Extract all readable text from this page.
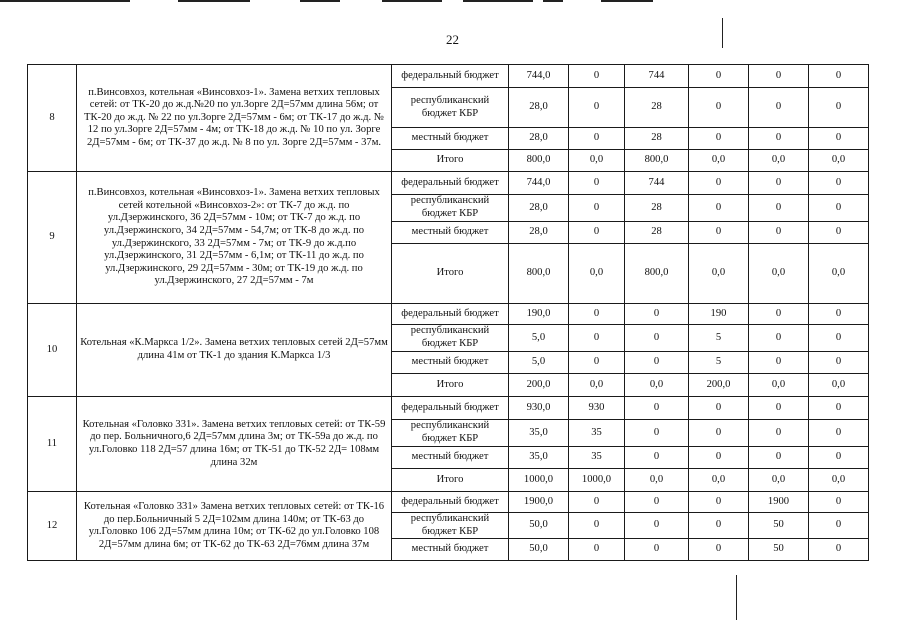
22
8	п.Винсовхоз, котельная «Винсовхоз-1». Замена ветхих тепловых сетей: от ТК-20 до ж.д.№20 по ул.Зорге 2Д=57мм длина 56м; от ТК-20 до ж.д. № 22 по ул.Зорге 2Д=57мм - 6м; от ТК-17 до ж.д. № 12 по ул.Зорге 2Д=57мм - 4м; от ТК-18 до ж.д. № 10 по ул. Зорге 2Д=57мм - 6м; от ТК-37 до ж.д. № 8 по ул. Зорге 2Д=57мм - 37м.	федеральный бюджет	744,0	0	744	0	0	0
		республиканский бюджет КБР	28,0	0	28	0	0	0
		местный бюджет	28,0	0	28	0	0	0
		Итого	800,0	0,0	800,0	0,0	0,0	0,0
9	п.Винсовхоз, котельная «Винсовхоз-1». Замена ветхих тепловых сетей котельной «Винсовхоз-2»: от ТК-7 до ж.д. по ул.Дзержинского, 36 2Д=57мм - 10м; от ТК-7 до ж.д. по ул.Дзержинского, 34 2Д=57мм - 54,7м; от ТК-8 до ж.д. по ул.Дзержинского, 33 2Д=57мм - 7м; от ТК-9 до ж.д.по ул.Дзержинского, 31 2Д=57мм - 6,1м; от ТК-11 до ж.д. по ул.Дзержинского, 29 2Д=57мм - 30м; от ТК-19 до ж.д. по ул.Дзержинского, 27 2Д=57мм - 7м	федеральный бюджет	744,0	0	744	0	0	0
		республиканский бюджет КБР	28,0	0	28	0	0	0
		местный бюджет	28,0	0	28	0	0	0
		Итого	800,0	0,0	800,0	0,0	0,0	0,0
10	Котельная «К.Маркса 1/2». Замена ветхих тепловых сетей 2Д=57мм длина 41м от ТК-1 до здания К.Маркса 1/3	федеральный бюджет	190,0	0	0	190	0	0
		республиканский бюджет КБР	5,0	0	0	5	0	0
		местный бюджет	5,0	0	0	5	0	0
		Итого	200,0	0,0	0,0	200,0	0,0	0,0
11	Котельная «Головко 331». Замена ветхих тепловых сетей: от ТК-59 до пер. Больничного,6 2Д=57мм длина 3м; от ТК-59а до ж.д. по ул.Головко 118 2Д=57 длина 16м; от ТК-51 до ТК-52 2Д= 108мм длина 32м	федеральный бюджет	930,0	930	0	0	0	0
		республиканский бюджет КБР	35,0	35	0	0	0	0
		местный бюджет	35,0	35	0	0	0	0
		Итого	1000,0	1000,0	0,0	0,0	0,0	0,0
12	Котельная «Головко 331» Замена ветхих тепловых сетей: от ТК-16 до пер.Больничный 5 2Д=102мм длина 140м; от ТК-63 до ул.Головко 106 2Д=57мм длина 10м; от ТК-62 до ул.Головко 108 2Д=57мм длина 6м; от ТК-62 до ТК-63 2Д=76мм длина 37м	федеральный бюджет	1900,0	0	0	0	1900	0
		республиканский бюджет КБР	50,0	0	0	0	50	0
		местный бюджет	50,0	0	0	0	50	0
